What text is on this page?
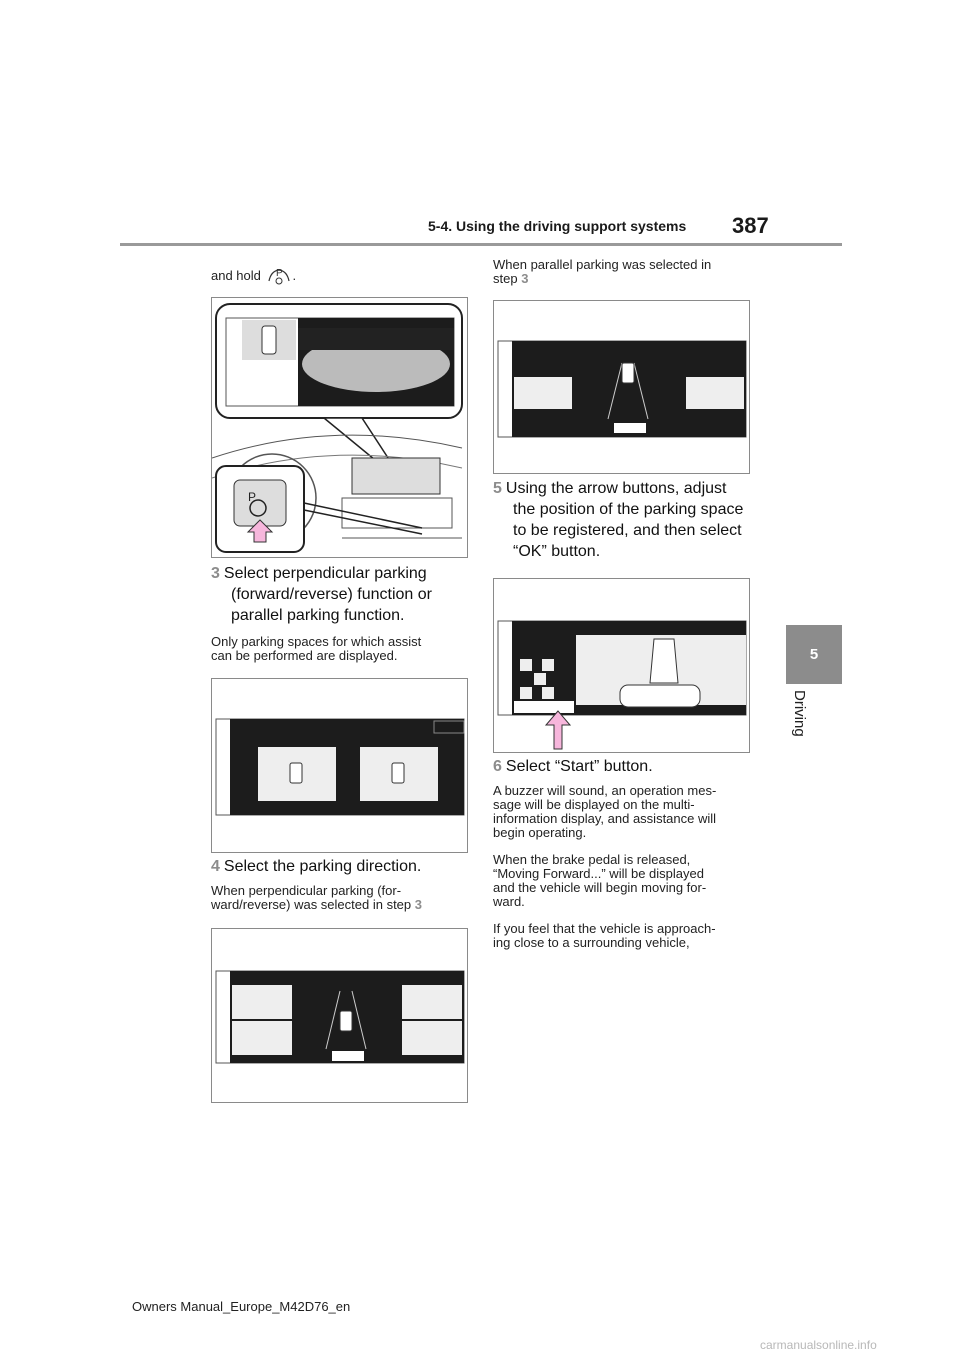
5-4. Using the driving support systems 387
5
Driving
and hold P .
P
3 Select perpendicular parking
(forward/reverse) function or
parallel parking function.
Only parking spaces for which assist
can be performed are displayed.
4 Select the parking direction.
When perpendicular parking (for-
ward/reverse) was selected in step 3
When parallel parking was selected in
step 3
5 Using the arrow buttons, adjust
the position of the parking space
to be registered, and then select
“OK” button.
6 Select “Start” button.
A buzzer will sound, an operation mes-
sage will be displayed on the multi-
information display, and assistance will
begin operating.
When the brake pedal is released,
“Moving Forward...” will be displayed
and the vehicle will begin moving for-
ward.
If you feel that the vehicle is approach-
ing close to a surrounding vehicle,
Owners Manual_Europe_M42D76_en
carmanualsonline.info
